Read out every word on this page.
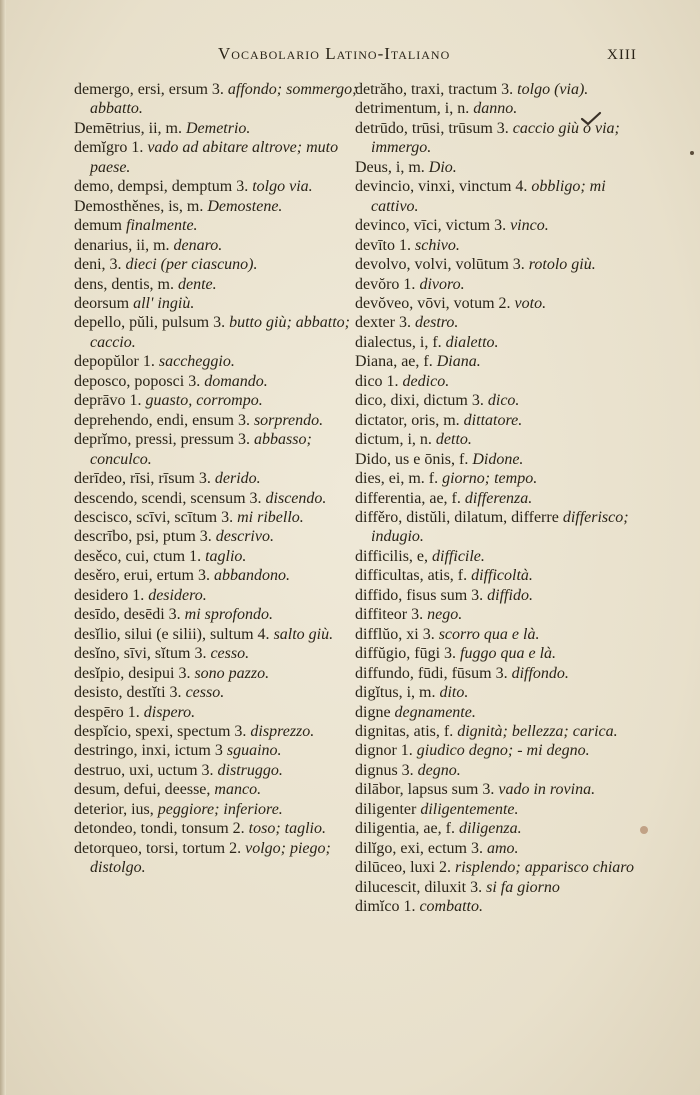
Vocabolario Latino-Italiano	XIII
demergo, ersi, ersum 3. affondo; sommergo; abbatto.
Demētrius, ii, m. Demetrio.
demĭgro 1. vado ad abitare altrove; muto paese.
demo, dempsi, demptum 3. tolgo via.
Demosthěnes, is, m. Demostene.
demum finalmente.
denarius, ii, m. denaro.
deni, 3. dieci (per ciascuno).
dens, dentis, m. dente.
deorsum all' ingiù.
depello, pŭli, pulsum 3. butto giù; abbatto; caccio.
depopŭlor 1. saccheggio.
deposco, poposci 3. domando.
deprāvo 1. guasto, corrompo.
deprehendo, endi, ensum 3. sorprendo.
deprĭmo, pressi, pressum 3. abbasso; conculco.
derīdeo, rīsi, rīsum 3. derido.
descendo, scendi, scensum 3. discendo.
descisco, scīvi, scītum 3. mi ribello.
descrībo, psi, ptum 3. descrivo.
desěco, cui, ctum 1. taglio.
desěro, erui, ertum 3. abbandono.
desidero 1. desidero.
desīdo, desēdi 3. mi sprofondo.
desĭlio, silui (e silii), sultum 4. salto giù.
desĭno, sīvi, sĭtum 3. cesso.
desĭpio, desipui 3. sono pazzo.
desisto, destĭti 3. cesso.
despēro 1. dispero.
despĭcio, spexi, spectum 3. disprezzo.
destringo, inxi, ictum 3 sguaino.
destruo, uxi, uctum 3. distruggo.
desum, defui, deesse, manco.
deterior, ius, peggiore; inferiore.
detondeo, tondi, tonsum 2. toso; taglio.
detorqueo, torsi, tortum 2. volgo; piego; distolgo.
detrăho, traxi, tractum 3. tolgo (via).
detrimentum, i, n. danno.
detrūdo, trūsi, trūsum 3. caccio giù o via; immergo.
Deus, i, m. Dio.
devincio, vinxi, vinctum 4. obbligo; mi cattivo.
devinco, vīci, victum 3. vinco.
devīto 1. schivo.
devolvo, volvi, volūtum 3. rotolo giù.
devŏro 1. divoro.
devŏveo, vōvi, votum 2. voto.
dexter 3. destro.
dialectus, i, f. dialetto.
Diana, ae, f. Diana.
dico 1. dedico.
dico, dixi, dictum 3. dico.
dictator, oris, m. dittatore.
dictum, i, n. detto.
Dido, us e ōnis, f. Didone.
dies, ei, m. f. giorno; tempo.
differentia, ae, f. differenza.
diffěro, distŭli, dilatum, differre differisco; indugio.
difficilis, e, difficile.
difficultas, atis, f. difficoltà.
diffido, fisus sum 3. diffido.
diffiteor 3. nego.
difflŭo, xi 3. scorro qua e là.
diffŭgio, fūgi 3. fuggo qua e là.
diffundo, fūdi, fūsum 3. diffondo.
digĭtus, i, m. dito.
digne degnamente.
dignitas, atis, f. dignità; bellezza; carica.
dignor 1. giudico degno; - mi degno.
dignus 3. degno.
dilābor, lapsus sum 3. vado in rovina.
diligenter diligentemente.
diligentia, ae, f. diligenza.
dilĭgo, exi, ectum 3. amo.
dilūceo, luxi 2. risplendo; apparisco chiaro
dilucescit, diluxit 3. si fa giorno
dimĭco 1. combatto.
